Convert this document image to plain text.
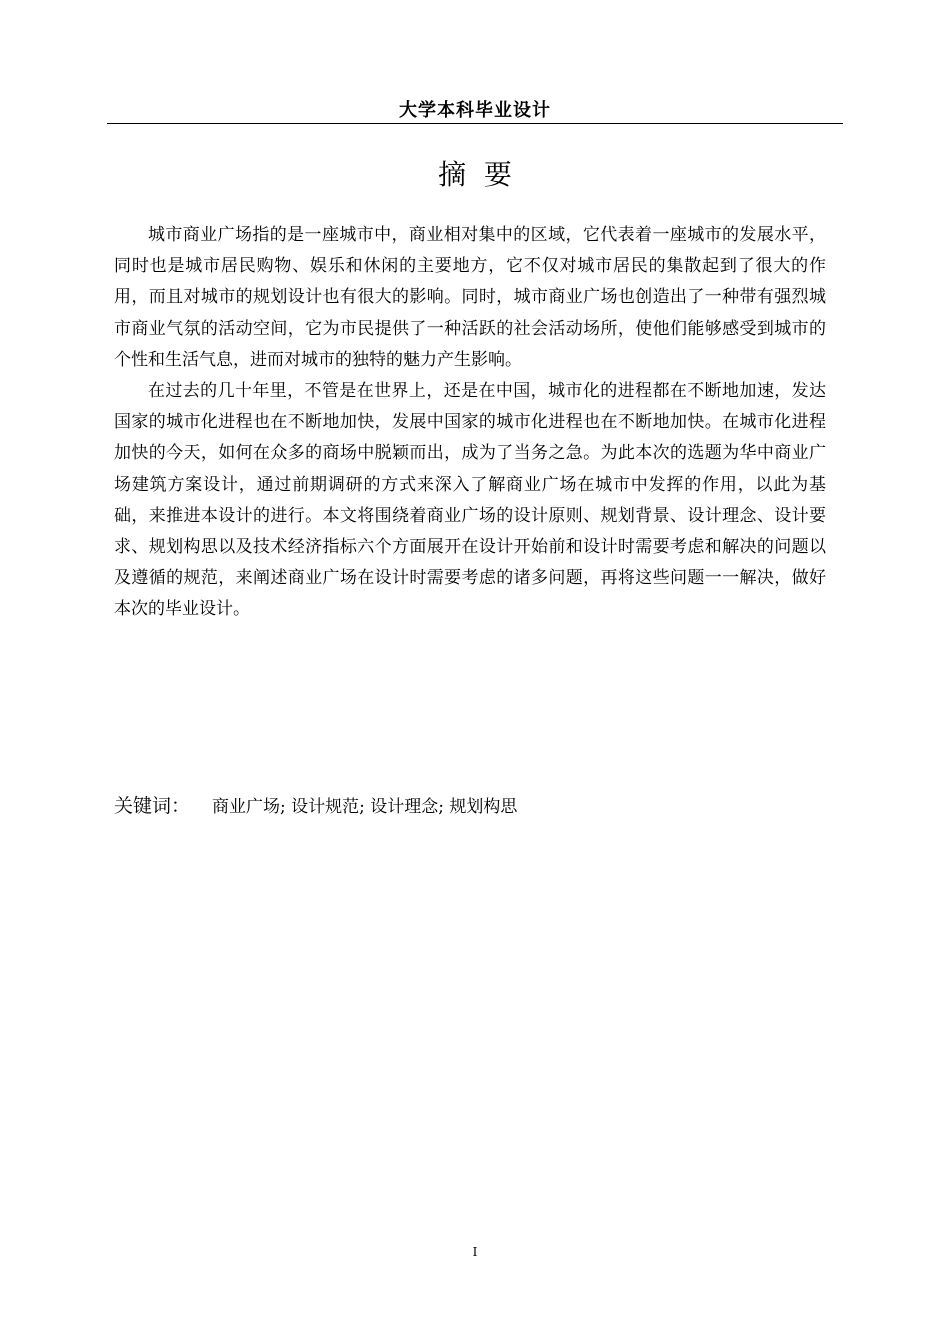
大学本科毕业设计
摘  要

城市商业广场指的是一座城市中，商业相对集中的区域，它代表着一座城市的发展水平，同时也是城市居民购物、娱乐和休闲的主要地方，它不仅对城市居民的集散起到了很大的作用，而且对城市的规划设计也有很大的影响。同时，城市商业广场也创造出了一种带有强烈城市商业气氛的活动空间，它为市民提供了一种活跃的社会活动场所，使他们能够感受到城市的个性和生活气息，进而对城市的独特的魅力产生影响。

在过去的几十年里，不管是在世界上，还是在中国，城市化的进程都在不断地加速，发达国家的城市化进程也在不断地加快，发展中国家的城市化进程也在不断地加快。在城市化进程加快的今天，如何在众多的商场中脱颖而出，成为了当务之急。为此本次的选题为华中商业广场建筑方案设计，通过前期调研的方式来深入了解商业广场在城市中发挥的作用，以此为基础，来推进本设计的进行。本文将围绕着商业广场的设计原则、规划背景、设计理念、设计要求、规划构思以及技术经济指标六个方面展开在设计开始前和设计时需要考虑和解决的问题以及遵循的规范，来阐述商业广场在设计时需要考虑的诸多问题，再将这些问题一一解决，做好本次的毕业设计。

关键词： 商业广场; 设计规范; 设计理念; 规划构思
I
